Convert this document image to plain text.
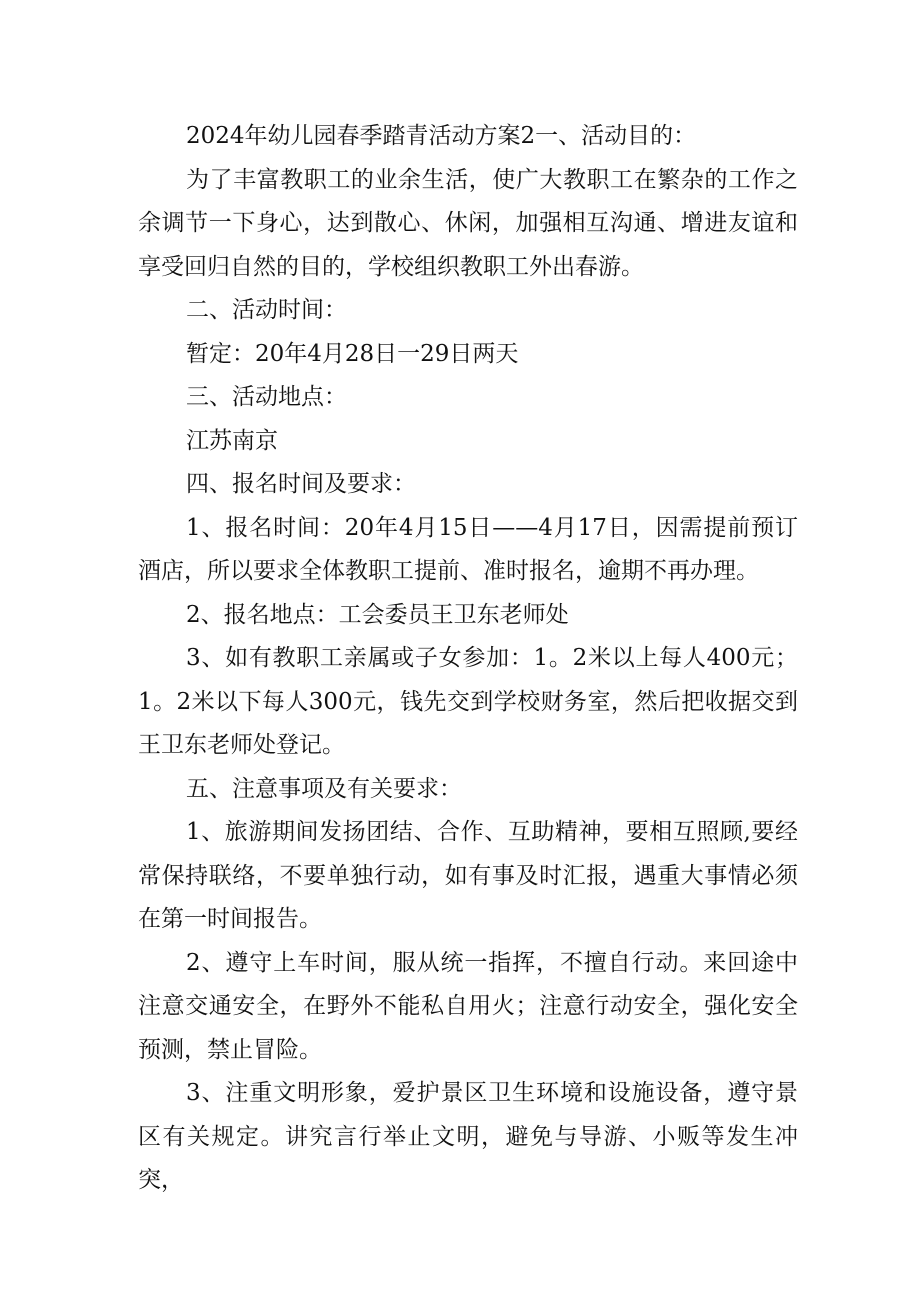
2024年幼儿园春季踏青活动方案2一、活动目的：

为了丰富教职工的业余生活，使广大教职工在繁杂的工作之余调节一下身心，达到散心、休闲，加强相互沟通、增进友谊和享受回归自然的目的，学校组织教职工外出春游。

二、活动时间：

暂定：20年4月28日一29日两天

三、活动地点：

江苏南京

四、报名时间及要求：

1、报名时间：20年4月15日——4月17日，因需提前预订酒店，所以要求全体教职工提前、准时报名，逾期不再办理。

2、报名地点：工会委员王卫东老师处

3、如有教职工亲属或子女参加：1。2米以上每人400元；1。2米以下每人300元，钱先交到学校财务室，然后把收据交到王卫东老师处登记。

五、注意事项及有关要求：

1、旅游期间发扬团结、合作、互助精神，要相互照顾,要经常保持联络，不要单独行动，如有事及时汇报，遇重大事情必须在第一时间报告。

2、遵守上车时间，服从统一指挥，不擅自行动。来回途中注意交通安全，在野外不能私自用火；注意行动安全，强化安全预测，禁止冒险。

3、注重文明形象，爱护景区卫生环境和设施设备，遵守景区有关规定。讲究言行举止文明，避免与导游、小贩等发生冲突，
